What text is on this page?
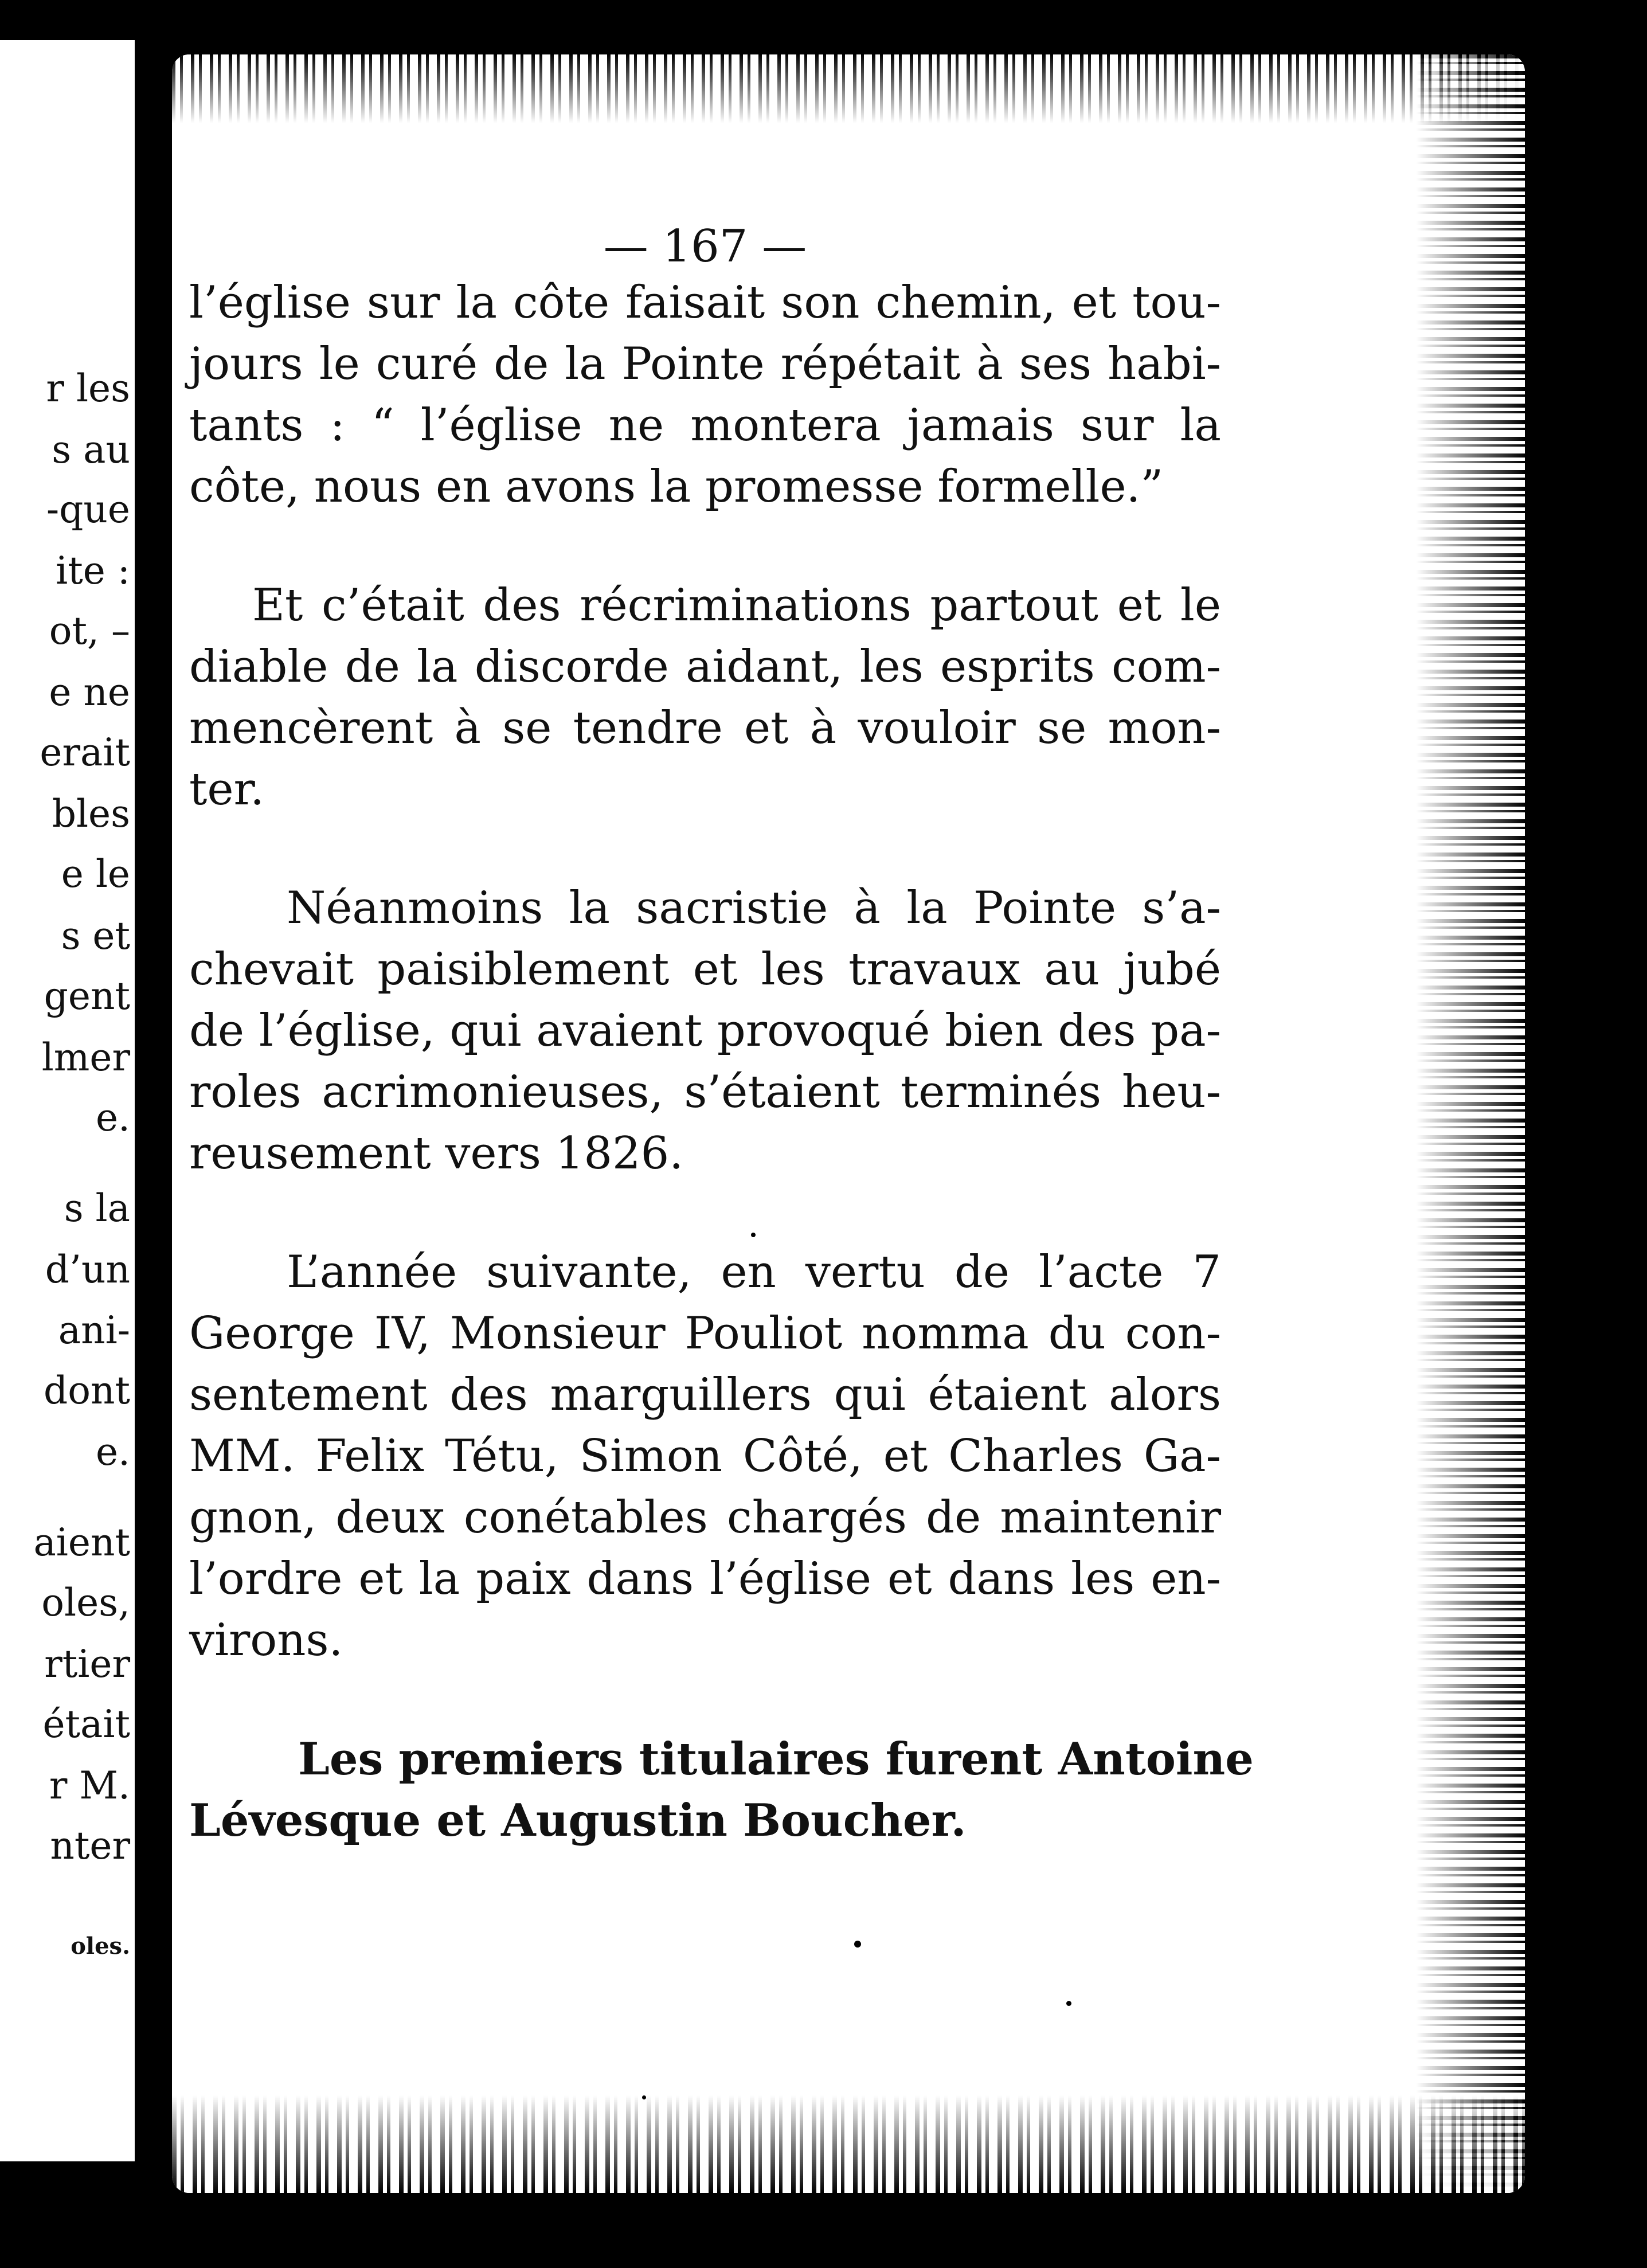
r les
s au
-que
ite :
ot, –
e ne
erait
bles
e le
s et
gent
lmer
e.
s la
d’un
ani-
dont
e.
aient
oles,
rtier
était
r M.
nter
oles.
— 167 —

l’église sur la côte faisait son chemin, et tou-
jours le curé de la Pointe répétait à ses habi-
tants : “ l’église ne montera jamais sur la
côte, nous en avons la promesse formelle.”

Et c’était des récriminations partout et le
diable de la discorde aidant, les esprits com-
mencèrent à se tendre et à vouloir se mon-
ter.

Néanmoins la sacristie à la Pointe s’a-
chevait paisiblement et les travaux au jubé
de l’église, qui avaient provoqué bien des pa-
roles acrimonieuses, s’étaient terminés heu-
reusement vers 1826.

L’année suivante, en vertu de l’acte 7
George IV, Monsieur Pouliot nomma du con-
sentement des marguillers qui étaient alors
MM. Felix Tétu, Simon Côté, et Charles Ga-
gnon, deux conétables chargés de maintenir
l’ordre et la paix dans l’église et dans les en-
virons.

Les premiers titulaires furent Antoine
Lévesque et Augustin Boucher.
